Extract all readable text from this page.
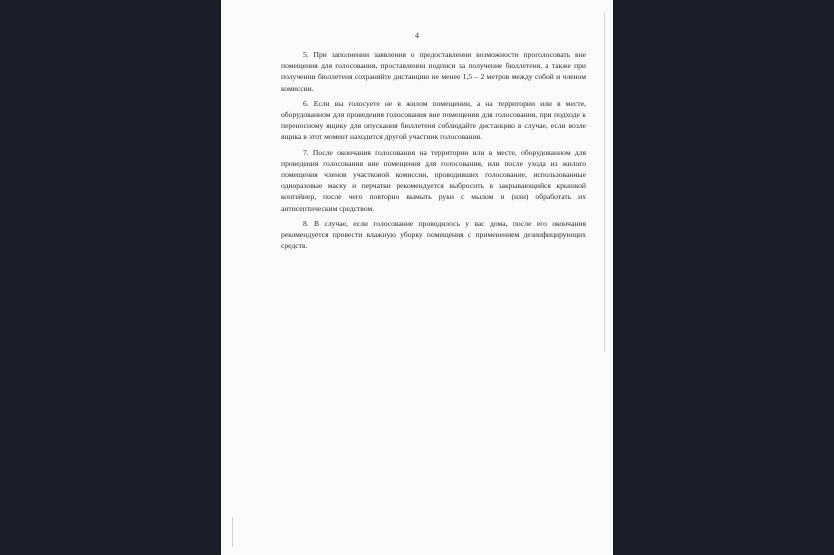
4

5. При заполнении заявления о предоставлении возможности проголосовать вне помещения для голосования, проставлении подписи за получение бюллетеня, а также при получении бюллетеня сохраняйте дистанцию не менее 1,5 – 2 метров между собой и членом комиссии.

6. Если вы голосуете не в жилом помещении, а на территории или в месте, оборудованном для проведения голосования вне помещения для голосования, при подходе к переносному ящику для опускания бюллетеня соблюдайте дистанцию в случае, если возле ящика в этот момент находится другой участник голосования.

7. После окончания голосования на территории или в месте, оборудованном для проведения голосования вне помещения для голосования, или после ухода из жилого помещения членов участковой комиссии, проводивших голосование, использованные одноразовые маску и перчатки рекомендуется выбросить в закрывающийся крышкой контейнер, после чего повторно вымыть руки с мылом и (или) обработать их антисептическим средством.

8. В случае, если голосование проводилось у вас дома, после его окончания рекомендуется провести влажную уборку помещения с применением дезинфицирующих средств.
